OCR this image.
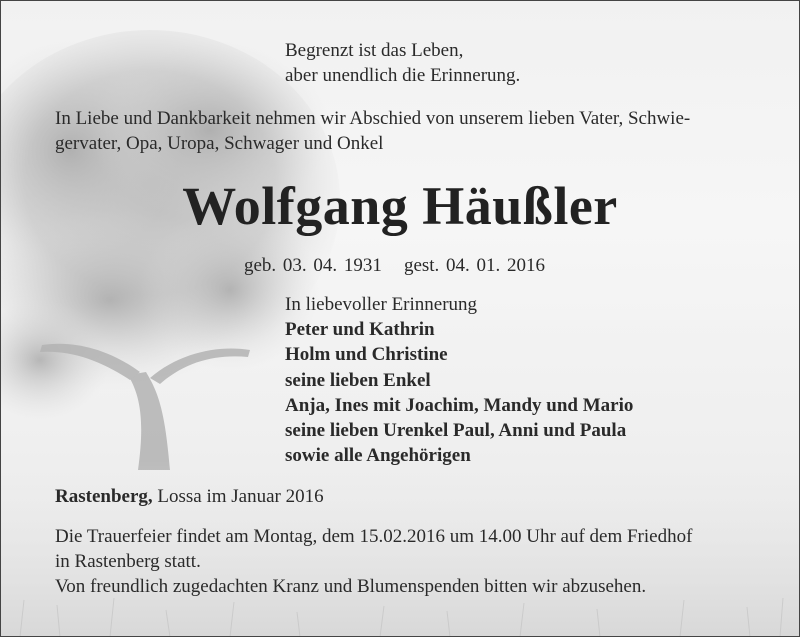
Begrenzt ist das Leben,
aber unendlich die Erinnerung.
In Liebe und Dankbarkeit nehmen wir Abschied von unserem lieben Vater, Schwie-
gervater, Opa, Uropa, Schwager und Onkel
Wolfgang Häußler
geb. 03. 04. 1931 gest. 04. 01. 2016
In liebevoller Erinnerung
Peter und Kathrin
Holm und Christine
seine lieben Enkel
Anja, Ines mit Joachim, Mandy und Mario
seine lieben Urenkel Paul, Anni und Paula
sowie alle Angehörigen
Rastenberg, Lossa im Januar 2016
Die Trauerfeier findet am Montag, dem 15.02.2016 um 14.00 Uhr auf dem Friedhof
in Rastenberg statt.
Von freundlich zugedachten Kranz und Blumenspenden bitten wir abzusehen.
